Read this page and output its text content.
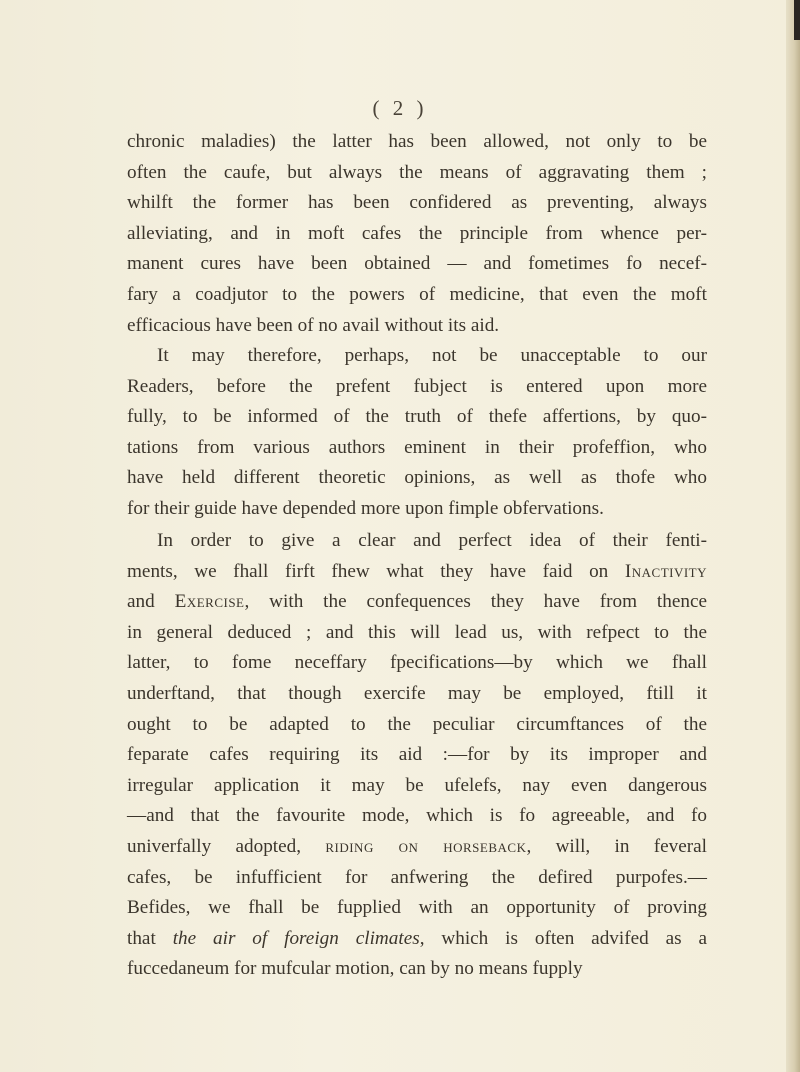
( 2 )
chronic maladies) the latter has been allowed, not only to be
often the caufe, but always the means of aggravating them ;
whilft the former has been confidered as preventing, always
alleviating, and in moft cafes the principle from whence per-
manent cures have been obtained — and fometimes fo necef-
fary a coadjutor to the powers of medicine, that even the moft
efficacious have been of no avail without its aid.
It may therefore, perhaps, not be unacceptable to our
Readers, before the prefent fubject is entered upon more
fully, to be informed of the truth of thefe affertions, by quo-
tations from various authors eminent in their profeffion, who
have held different theoretic opinions, as well as thofe who
for their guide have depended more upon fimple obfervations.
In order to give a clear and perfect idea of their fenti-
ments, we fhall firft fhew what they have faid on Inactivity
and Exercise, with the confequences they have from thence
in general deduced ; and this will lead us, with refpect to the
latter, to fome neceffary fpecifications—by which we fhall
underftand, that though exercife may be employed, ftill it
ought to be adapted to the peculiar circumftances of the
feparate cafes requiring its aid :—for by its improper and
irregular application it may be ufelefs, nay even dangerous
—and that the favourite mode, which is fo agreeable, and fo
univerfally adopted, riding on horseback, will, in feveral
cafes, be infufficient for anfwering the defired purpofes.—
Befides, we fhall be fupplied with an opportunity of proving
that the air of foreign climates, which is often advifed as a
fuccedaneum for mufcular motion, can by no means fupply
